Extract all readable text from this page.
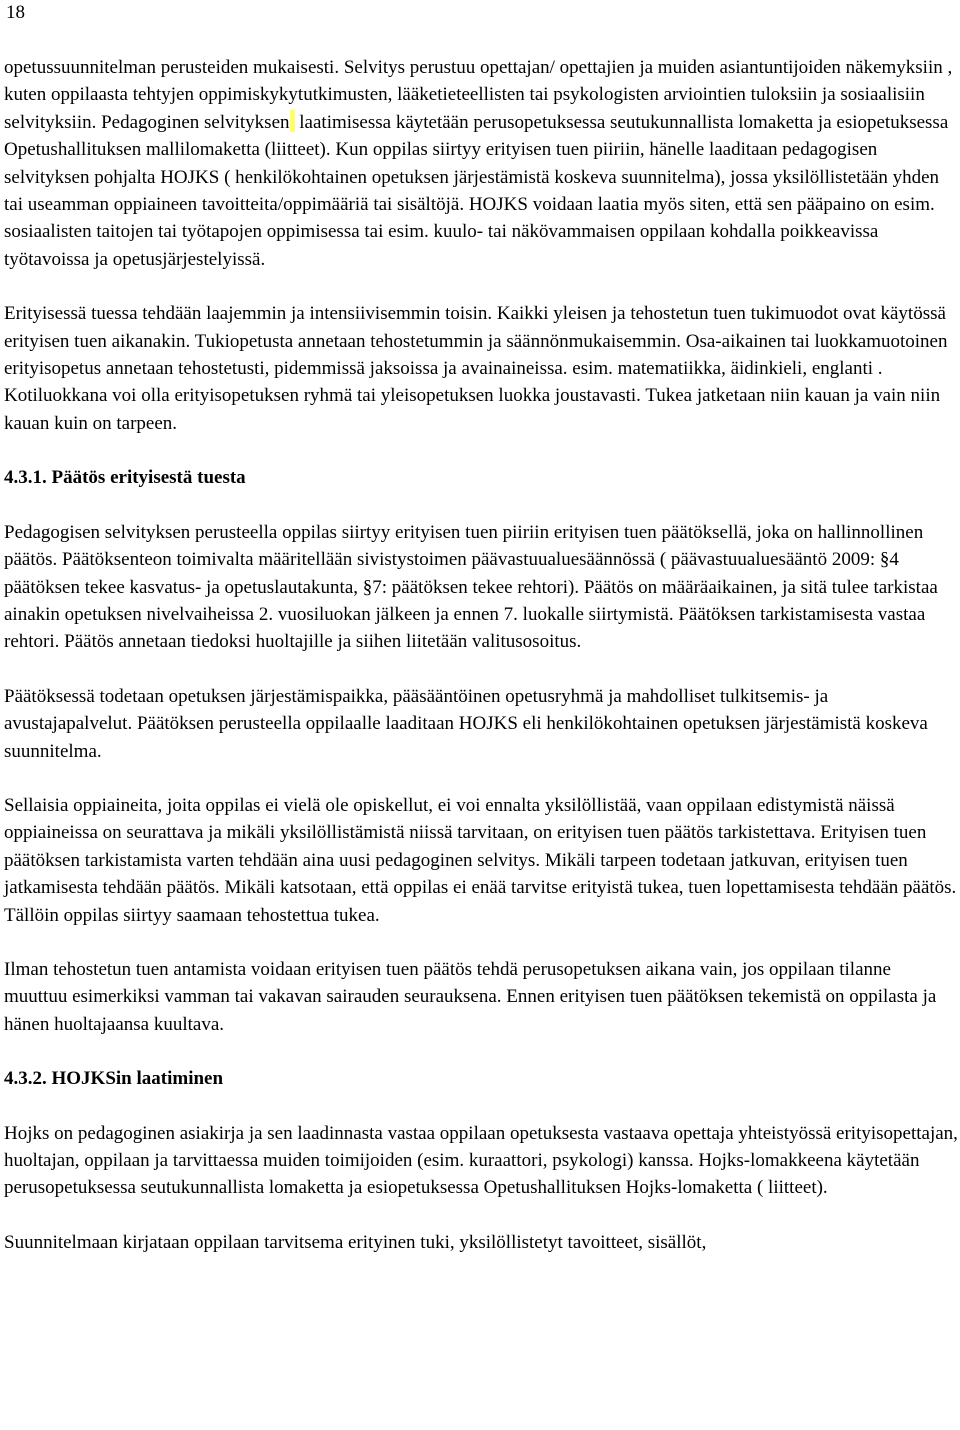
18

opetussuunnitelman perusteiden mukaisesti. Selvitys perustuu opettajan/ opettajien ja muiden asiantuntijoiden näkemyksiin , kuten oppilaasta tehtyjen oppimiskykytutkimusten, lääketieteellisten tai psykologisten arviointien tuloksiin ja sosiaalisiin selvityksiin. Pedagoginen selvityksen laatimisessa käytetään perusopetuksessa seutukunnallista lomaketta ja esiopetuksessa Opetushallituksen mallilomaketta (liitteet). Kun oppilas siirtyy erityisen tuen piiriin, hänelle laaditaan pedagogisen selvityksen pohjalta HOJKS ( henkilökohtainen opetuksen järjestämistä koskeva suunnitelma), jossa yksilöllistetään yhden tai useamman oppiaineen tavoitteita/oppimääriä tai sisältöjä. HOJKS voidaan laatia myös siten, että sen pääpaino on esim. sosiaalisten taitojen tai työtapojen oppimisessa tai esim. kuulo- tai näkövammaisen oppilaan kohdalla poikkeavissa työtavoissa ja opetusjärjestelyissä.

Erityisessä tuessa tehdään laajemmin ja intensiivisemmin toisin. Kaikki yleisen ja tehostetun tuen tukimuodot ovat käytössä erityisen tuen aikanakin. Tukiopetusta annetaan tehostetummin ja säännönmukaisemmin. Osa-aikainen tai luokkamuotoinen erityisopetus annetaan tehostetusti, pidemmissä jaksoissa ja avainaineissa. esim. matematiikka, äidinkieli, englanti . Kotiluokkana voi olla erityisopetuksen ryhmä tai yleisopetuksen luokka joustavasti. Tukea jatketaan niin kauan ja vain niin kauan kuin on tarpeen.

4.3.1. Päätös erityisestä tuesta

Pedagogisen selvityksen perusteella oppilas siirtyy erityisen tuen piiriin erityisen tuen päätöksellä, joka on hallinnollinen päätös. Päätöksenteon toimivalta määritellään sivistystoimen päävastuualuesäännössä ( päävastuualuesääntö 2009: §4 päätöksen tekee kasvatus- ja opetuslautakunta, §7: päätöksen tekee rehtori). Päätös on määräaikainen, ja sitä tulee tarkistaa ainakin opetuksen nivelvaiheissa 2. vuosiluokan jälkeen ja ennen 7. luokalle siirtymistä. Päätöksen tarkistamisesta vastaa rehtori. Päätös annetaan tiedoksi huoltajille ja siihen liitetään valitusosoitus.

Päätöksessä todetaan opetuksen järjestämispaikka, pääsääntöinen opetusryhmä ja mahdolliset tulkitsemis- ja avustajapalvelut. Päätöksen perusteella oppilaalle laaditaan HOJKS eli henkilökohtainen opetuksen järjestämistä koskeva suunnitelma.

Sellaisia oppiaineita, joita oppilas ei vielä ole opiskellut, ei voi ennalta yksilöllistää, vaan oppilaan edistymistä näissä oppiaineissa on seurattava ja mikäli yksilöllistämistä niissä tarvitaan, on erityisen tuen päätös tarkistettava. Erityisen tuen päätöksen tarkistamista varten tehdään aina uusi pedagoginen selvitys. Mikäli tarpeen todetaan jatkuvan, erityisen tuen jatkamisesta tehdään päätös. Mikäli katsotaan, että oppilas ei enää tarvitse erityistä tukea, tuen lopettamisesta tehdään päätös. Tällöin oppilas siirtyy saamaan tehostettua tukea.

Ilman tehostetun tuen antamista voidaan erityisen tuen päätös tehdä perusopetuksen aikana vain, jos oppilaan tilanne muuttuu esimerkiksi vamman tai vakavan sairauden seurauksena. Ennen erityisen tuen päätöksen tekemistä on oppilasta ja hänen huoltajaansa kuultava.

4.3.2. HOJKSin laatiminen

Hojks on pedagoginen asiakirja ja sen laadinnasta vastaa oppilaan opetuksesta vastaava opettaja yhteistyössä erityisopettajan, huoltajan, oppilaan ja tarvittaessa muiden toimijoiden (esim. kuraattori, psykologi) kanssa. Hojks-lomakkeena käytetään perusopetuksessa seutukunnallista lomaketta ja esiopetuksessa Opetushallituksen Hojks-lomaketta ( liitteet).

Suunnitelmaan kirjataan oppilaan tarvitsema erityinen tuki, yksilöllistetyt tavoitteet, sisällöt,
